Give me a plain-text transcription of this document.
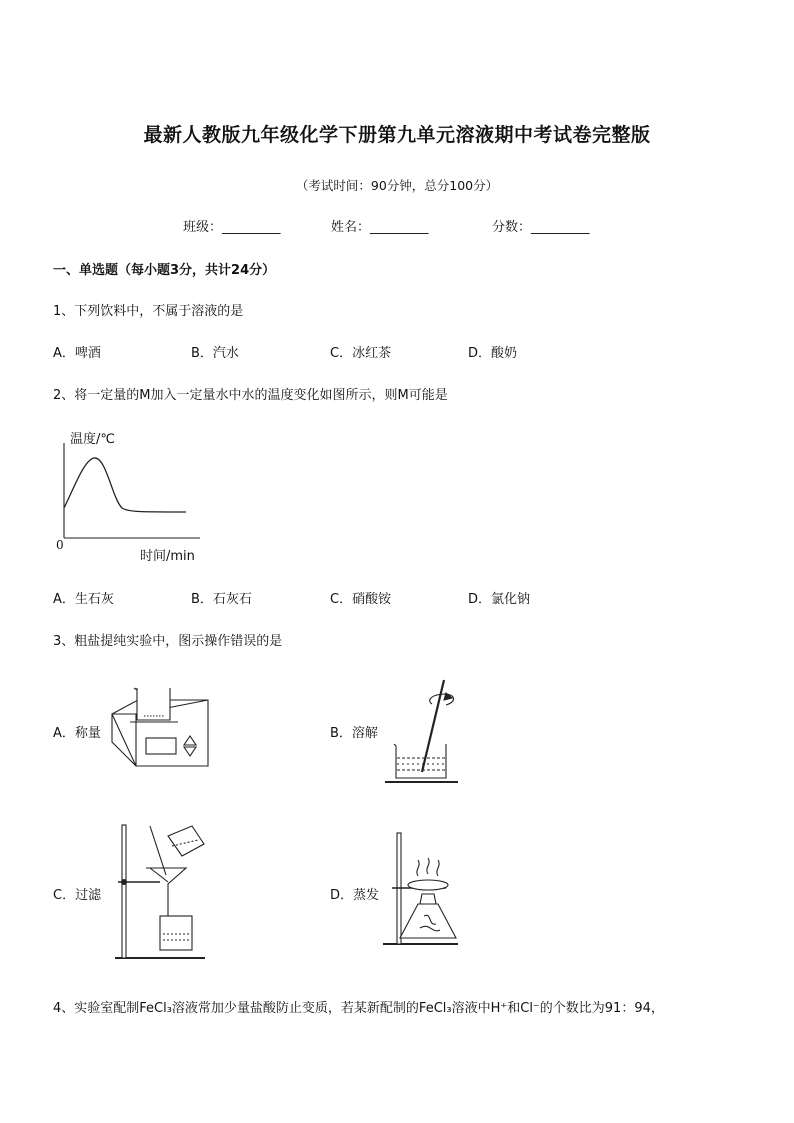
最新人教版九年级化学下册第九单元溶液期中考试卷完整版
（考试时间：90分钟，总分100分）
班级：_________	姓名：_________	分数：_________
一、单选题（每小题3分，共计24分）
1、下列饮料中，不属于溶液的是
A．啤酒	B．汽水	C．冰红茶	D．酸奶
2、将一定量的M加入一定量水中水的温度变化如图所示，则M可能是
温度/℃
0
时间/min
A．生石灰	B．石灰石	C．硝酸铵	D．氯化钠
3、粗盐提纯实验中，图示操作错误的是
A．称量	B．溶解
C．过滤	D．蒸发
4、实验室配制FeCl₃溶液常加少量盐酸防止变质，若某新配制的FeCl₃溶液中H⁺和Cl⁻的个数比为91：94，
